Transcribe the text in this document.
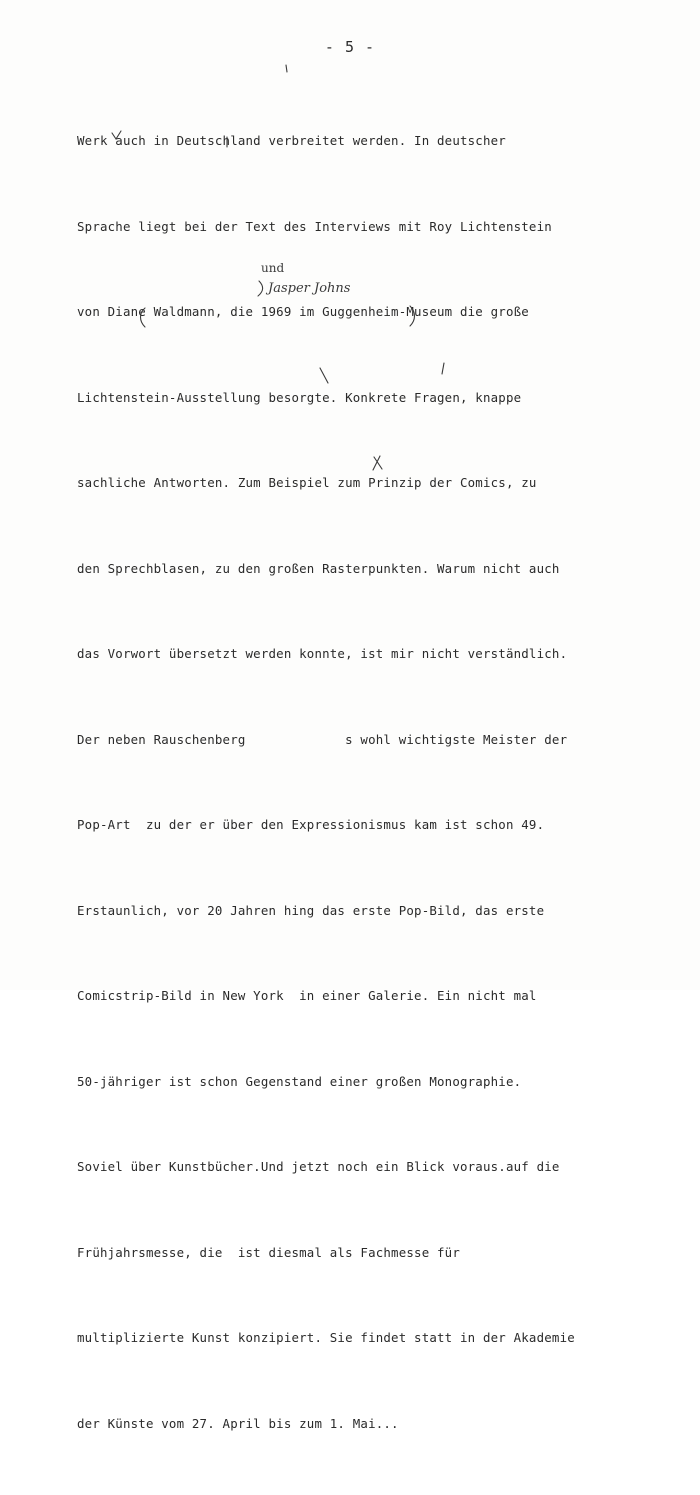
- 5 -

Werk auch in Deutschland verbreitet werden. In deutscher

Sprache liegt bei der Text des Interviews mit Roy Lichtenstein

von Diane Waldmann, die 1969 im Guggenheim-Museum die große

Lichtenstein-Ausstellung besorgte. Konkrete Fragen, knappe

sachliche Antworten. Zum Beispiel zum Prinzip der Comics, zu

den Sprechblasen, zu den großen Rasterpunkten. Warum nicht auch

das Vorwort übersetzt werden konnte, ist mir nicht verständlich.

Der neben Rauschenberg             s wohl wichtigste Meister der

Pop-Art  zu der er über den Expressionismus kam ist schon 49.

Erstaunlich, vor 20 Jahren hing das erste Pop-Bild, das erste

Comicstrip-Bild in New York  in einer Galerie. Ein nicht mal

50-jähriger ist schon Gegenstand einer großen Monographie.

Soviel über Kunstbücher.Und jetzt noch ein Blick voraus.auf die

Frühjahrsmesse, die  ist diesmal als Fachmesse für

multiplizierte Kunst konzipiert. Sie findet statt in der Akademie

der Künste vom 27. April bis zum 1. Mai...

und
Jasper Johns
